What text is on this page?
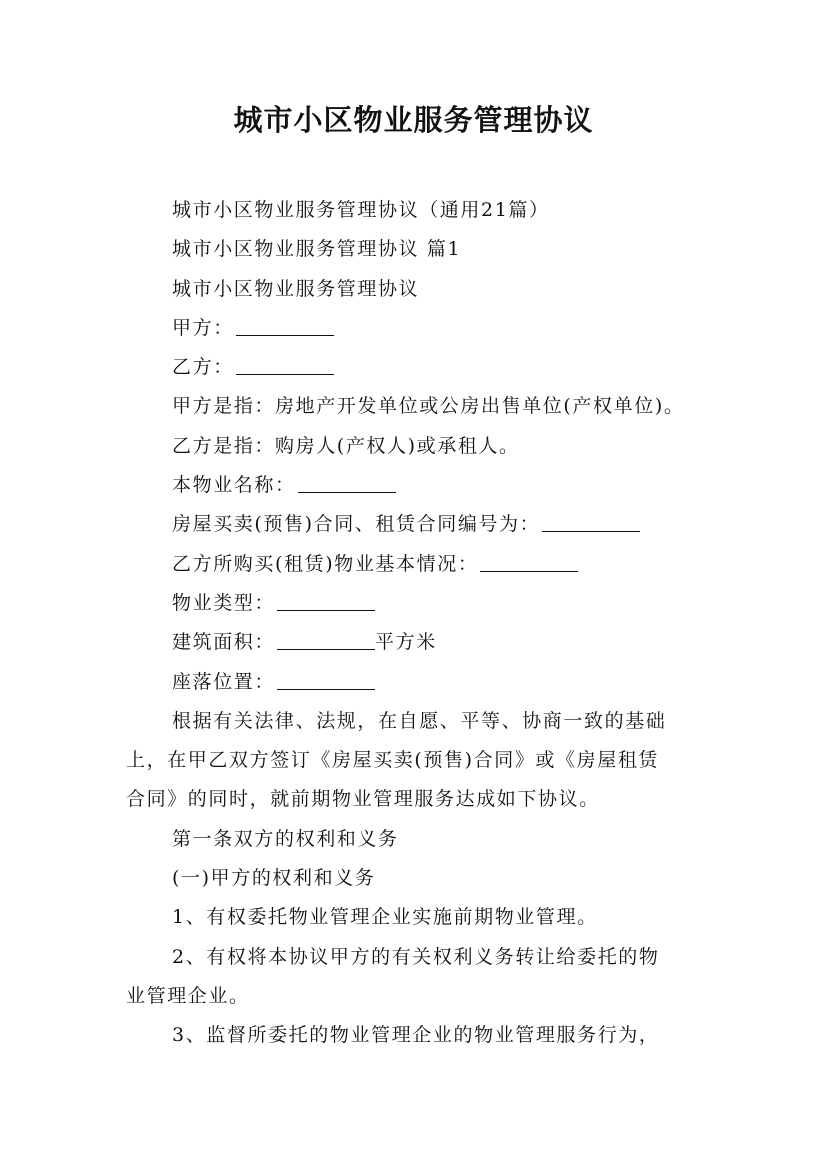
城市小区物业服务管理协议
城市小区物业服务管理协议（通用21篇）
城市小区物业服务管理协议 篇1
城市小区物业服务管理协议
甲方：
乙方：
甲方是指：房地产开发单位或公房出售单位(产权单位)。
乙方是指：购房人(产权人)或承租人。
本物业名称：
房屋买卖(预售)合同、租赁合同编号为：
乙方所购买(租赁)物业基本情况：
物业类型：
建筑面积：	平方米
座落位置：
根据有关法律、法规，在自愿、平等、协商一致的基础
上，在甲乙双方签订《房屋买卖(预售)合同》或《房屋租赁
合同》的同时，就前期物业管理服务达成如下协议。
第一条双方的权利和义务
(一)甲方的权利和义务
1、有权委托物业管理企业实施前期物业管理。
2、有权将本协议甲方的有关权利义务转让给委托的物
业管理企业。
3、监督所委托的物业管理企业的物业管理服务行为，
